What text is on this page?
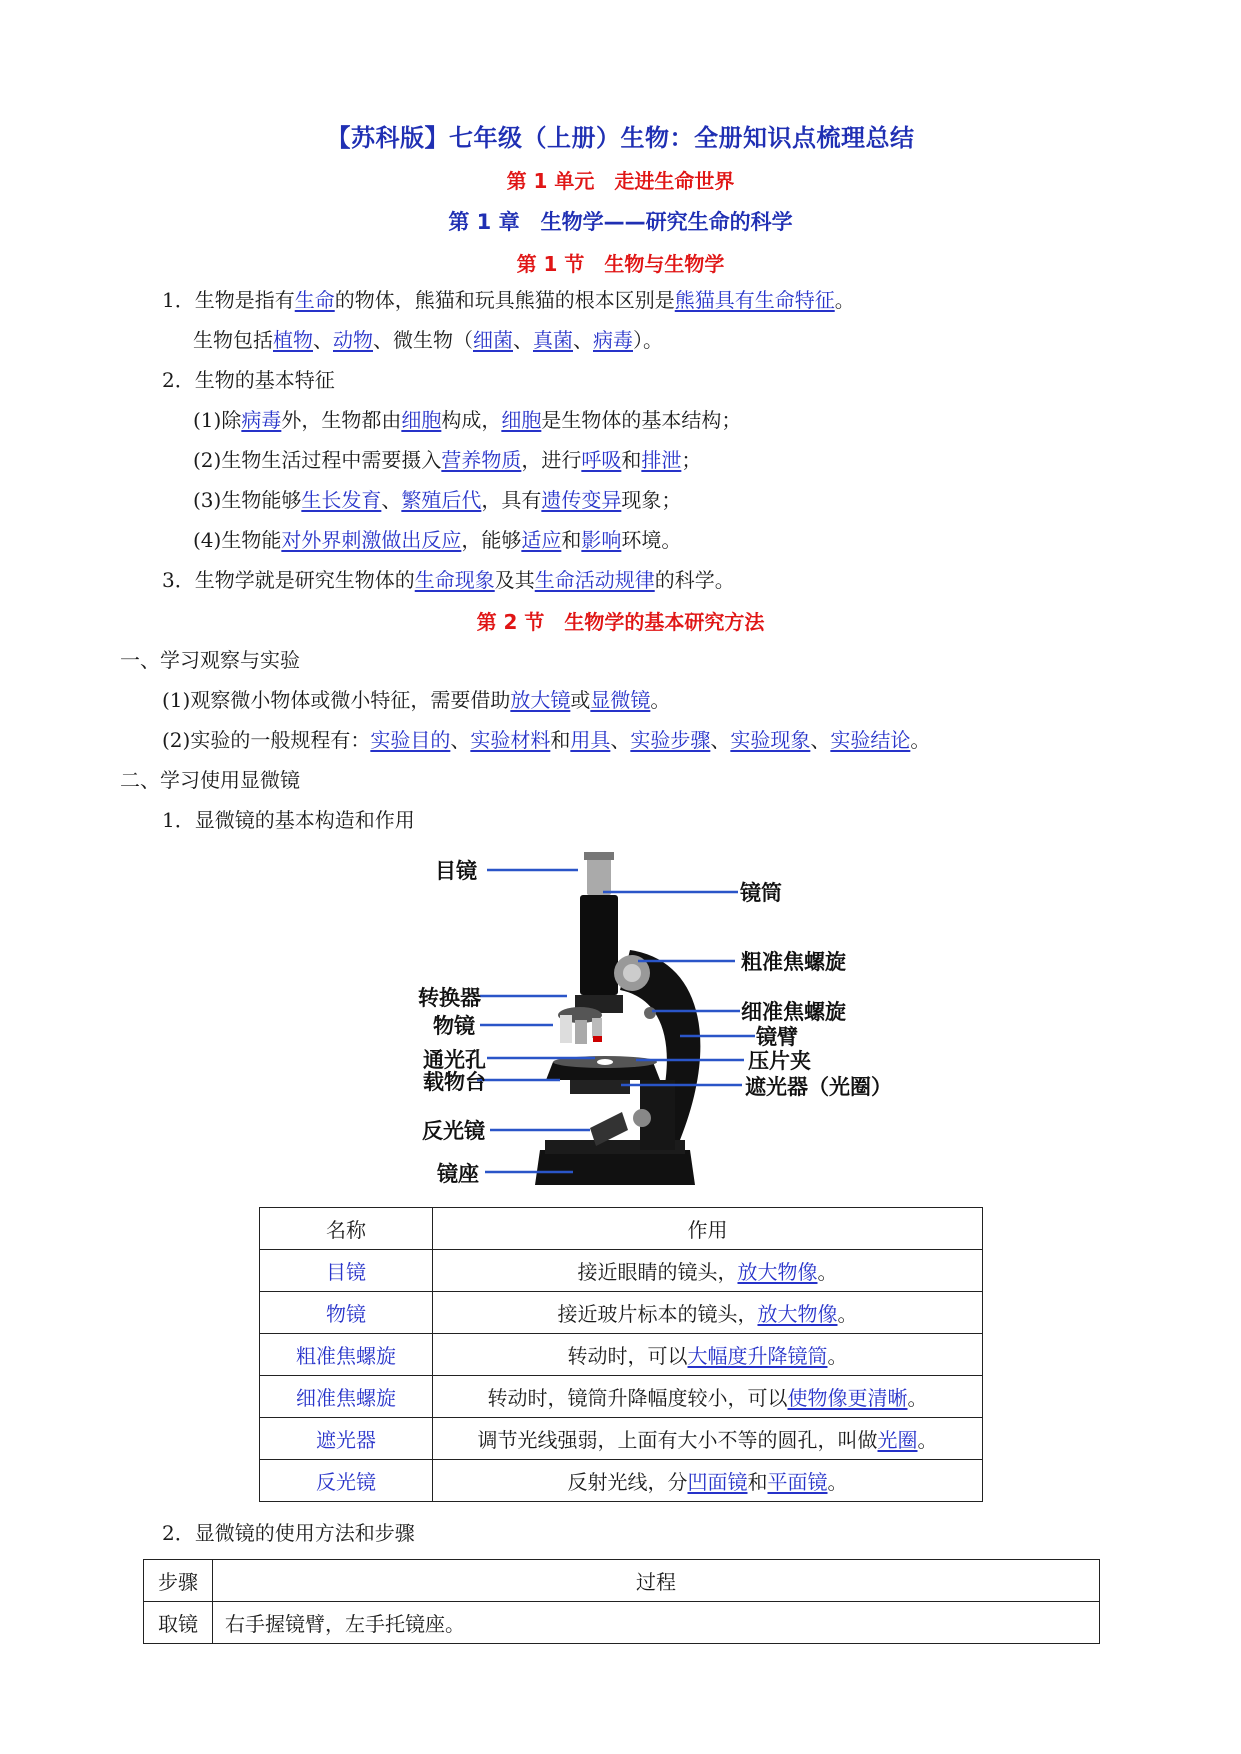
【苏科版】七年级（上册）生物：全册知识点梳理总结
第 1 单元　走进生命世界
第 1 章　生物学——研究生命的科学
第 1 节　生物与生物学
1．生物是指有生命的物体，熊猫和玩具熊猫的根本区别是熊猫具有生命特征。
生物包括植物、动物、微生物（细菌、真菌、病毒）。
2．生物的基本特征
(1)除病毒外，生物都由细胞构成，细胞是生物体的基本结构；
(2)生物生活过程中需要摄入营养物质，进行呼吸和排泄；
(3)生物能够生长发育、繁殖后代，具有遗传变异现象；
(4)生物能对外界刺激做出反应，能够适应和影响环境。
3．生物学就是研究生物体的生命现象及其生命活动规律的科学。
第 2 节　生物学的基本研究方法
一、学习观察与实验
(1)观察微小物体或微小特征，需要借助放大镜或显微镜。
(2)实验的一般规程有：实验目的、实验材料和用具、实验步骤、实验现象、实验结论。
二、学习使用显微镜
1．显微镜的基本构造和作用
目镜
镜筒
粗准焦螺旋
转换器
细准焦螺旋
物镜	镜臂
通光孔	压片夹
载物台	遮光器（光圈）
反光镜
镜座
名称	作用
目镜	接近眼睛的镜头，放大物像。
物镜	接近玻片标本的镜头，放大物像。
粗准焦螺旋	转动时，可以大幅度升降镜筒。
细准焦螺旋	转动时，镜筒升降幅度较小，可以使物像更清晰。
遮光器	调节光线强弱，上面有大小不等的圆孔，叫做光圈。
反光镜	反射光线，分凹面镜和平面镜。
2．显微镜的使用方法和步骤
步骤	过程
取镜	右手握镜臂，左手托镜座。
